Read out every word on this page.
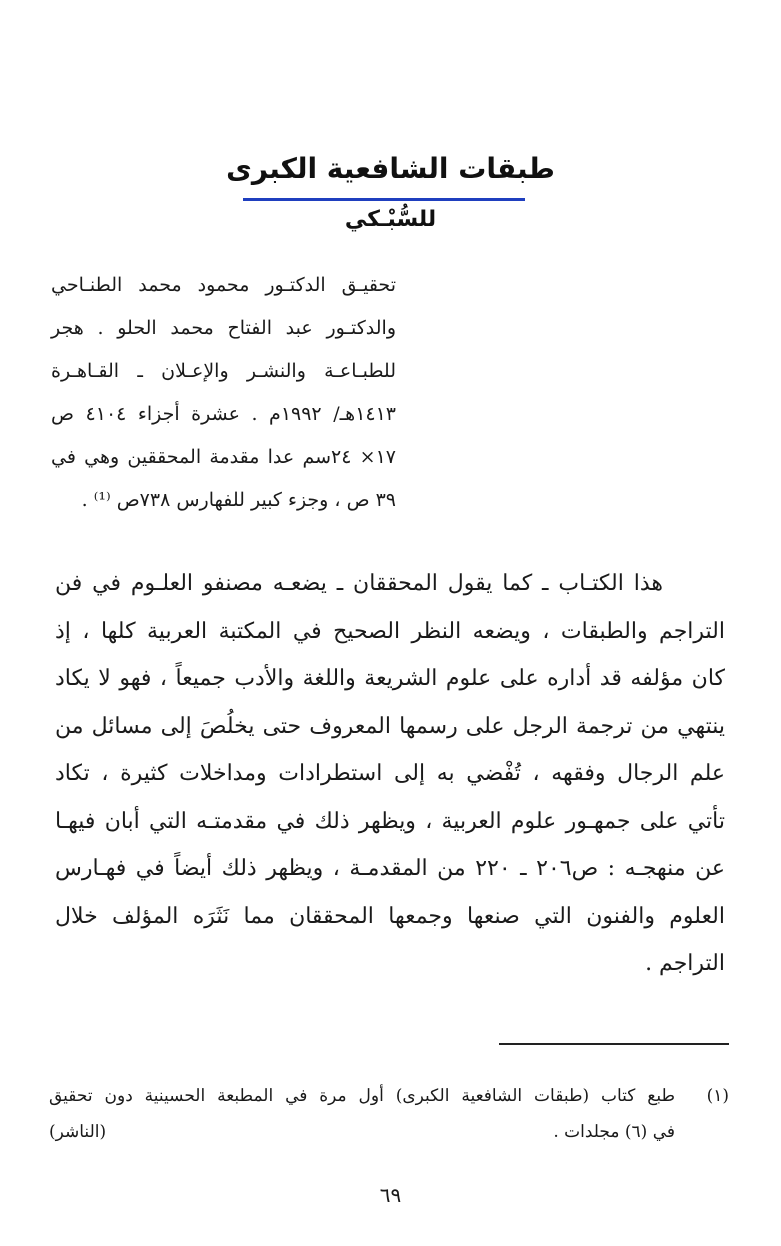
طبقات الشافعية الكبرى
للسُّبْـكي
تحقيـق الدكتـور محمود محمد الطنـاحي
والدكتـور عبد الفتاح محمد الحلو . هجر
للطبـاعـة والنشـر والإعـلان ـ القـاهـرة
١٤١٣هـ/ ١٩٩٢م . عشرة أجزاء ٤١٠٤ ص
١٧× ٢٤سم عدا مقدمة المحققين وهي في
٣٩ ص ، وجزء كبير للفهارس ٧٣٨ص ⁽¹⁾ .
هذا الكتـاب ـ كما يقول المحققان ـ يضعـه مصنفو العلـوم في فن
التراجم والطبقات ، ويضعه النظر الصحيح في المكتبة العربية كلها ، إذ
كان مؤلفه قد أداره على علوم الشريعة واللغة والأدب جميعاً ، فهو لا يكاد
ينتهي من ترجمة الرجل على رسمها المعروف حتى يخلُصَ إلى مسائل من
علم الرجال وفقهه ، تُفْضي به إلى استطرادات ومداخلات كثيرة ، تكاد
تأتي على جمهـور علوم العربية ، ويظهر ذلك في مقدمتـه التي أبان فيهـا
عن منهجـه : ص٢٠٦ ـ ٢٢٠ من المقدمـة ، ويظهر ذلك أيضاً في فهـارس
العلوم والفنون التي صنعها وجمعها المحققان مما نَثَرَه المؤلف خلال
التراجم .
(١)
طبع كتاب (طبقات الشافعية الكبرى) أول مرة في المطبعة الحسينية دون تحقيق
في (٦) مجلدات .
(الناشر)
٦٩
